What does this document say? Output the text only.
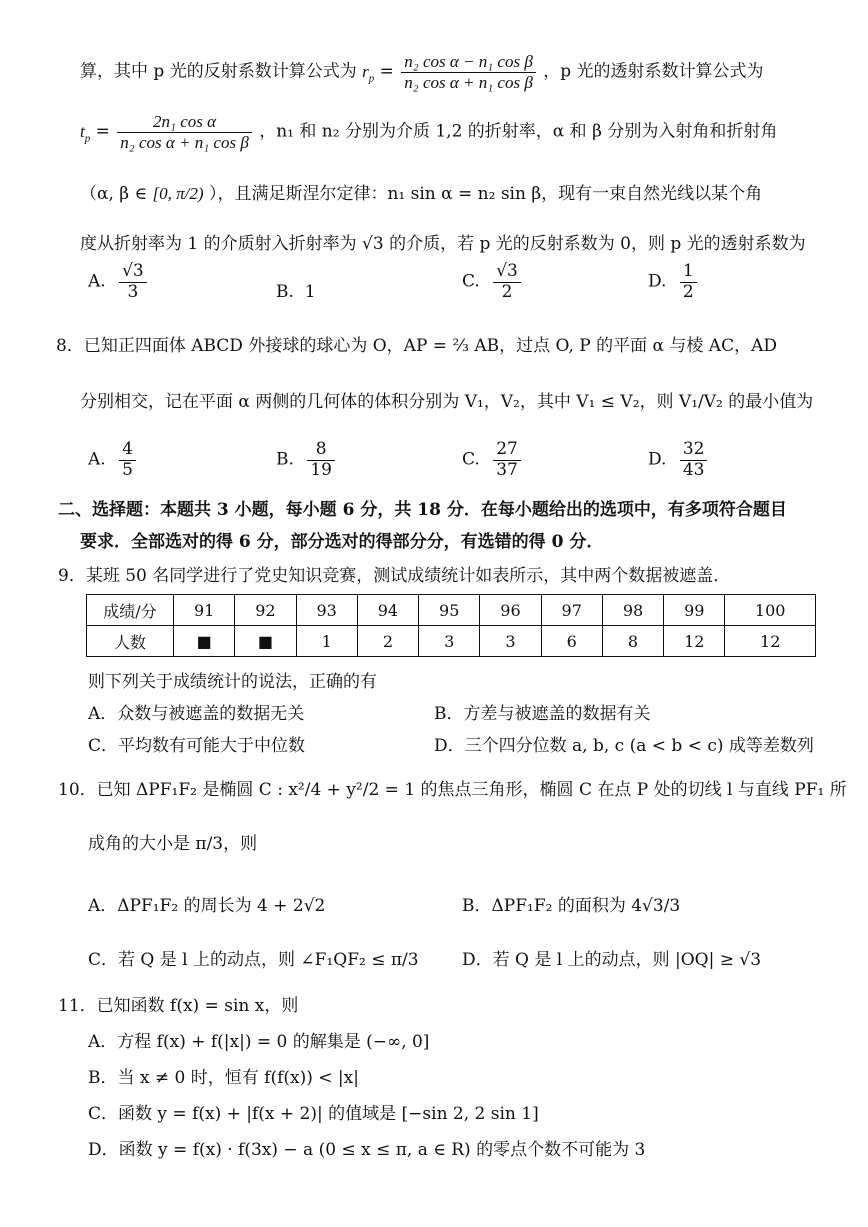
算，其中 p 光的反射系数计算公式为 $r_p = \frac{\text{n₂ cos α − n₁ cos β}}{\text{n₂ cos α + n₁ cos β}}$ ，p 光的透射系数计算公式为
$t_p = \frac{\text{2n₁ cos α}}{\text{n₂ cos α + n₁ cos β}}$ ，n₁ 和 n₂ 分别为介质 1,2 的折射率，α 和 β 分别为入射角和折射角
（α, β ∈ [0, π/2) ），且满足斯涅尔定律：n₁ sin α = n₂ sin β，现有一束自然光线以某个角
度从折射率为 1 的介质射入折射率为 √3 的介质，若 p 光的反射系数为 0，则 p 光的透射系数为
A. $\frac{√3}{3}$	B. 1
C. $\frac{√3}{2}$	D. $\frac{1}{2}$
8．已知正四面体 ABCD 外接球的球心为 O，AP = ⅔ AB，过点 O, P 的平面 α 与棱 AC，AD
分别相交，记在平面 α 两侧的几何体的体积分别为 V₁，V₂，其中 V₁ ≤ V₂，则 V₁/V₂ 的最小值为
A. $\frac{4}{5}$	B. $\frac{8}{19}$	C. $\frac{27}{37}$	D. $\frac{32}{43}$
二、选择题：本题共 3 小题，每小题 6 分，共 18 分．在每小题给出的选项中，有多项符合题目
要求．全部选对的得 6 分，部分选对的得部分分，有选错的得 0 分．
9．某班 50 名同学进行了党史知识竞赛，测试成绩统计如表所示，其中两个数据被遮盖．
成绩/分	91	92	93	94	95	96	97	98	99	100
人数	■	■	1	2	3	3	6	8	12	12
则下列关于成绩统计的说法，正确的有
A．众数与被遮盖的数据无关	B．方差与被遮盖的数据有关
C．平均数有可能大于中位数	D．三个四分位数 a, b, c (a < b < c) 成等差数列
10．已知 ΔPF₁F₂ 是椭圆 C : x²/4 + y²/2 = 1 的焦点三角形，椭圆 C 在点 P 处的切线 l 与直线 PF₁ 所
成角的大小是 π/3，则
A．ΔPF₁F₂ 的周长为 4 + 2√2	B．ΔPF₁F₂ 的面积为 4√3/3
C．若 Q 是 l 上的动点，则 ∠F₁QF₂ ≤ π/3	D．若 Q 是 l 上的动点，则 |OQ| ≥ √3
11．已知函数 f(x) = sin x，则
A．方程 f(x) + f(|x|) = 0 的解集是 (−∞, 0]
B．当 x ≠ 0 时，恒有 f(f(x)) < |x|
C．函数 y = f(x) + |f(x + 2)| 的值域是 [−sin 2, 2 sin 1]
D．函数 y = f(x) · f(3x) − a (0 ≤ x ≤ π, a ∈ R) 的零点个数不可能为 3
